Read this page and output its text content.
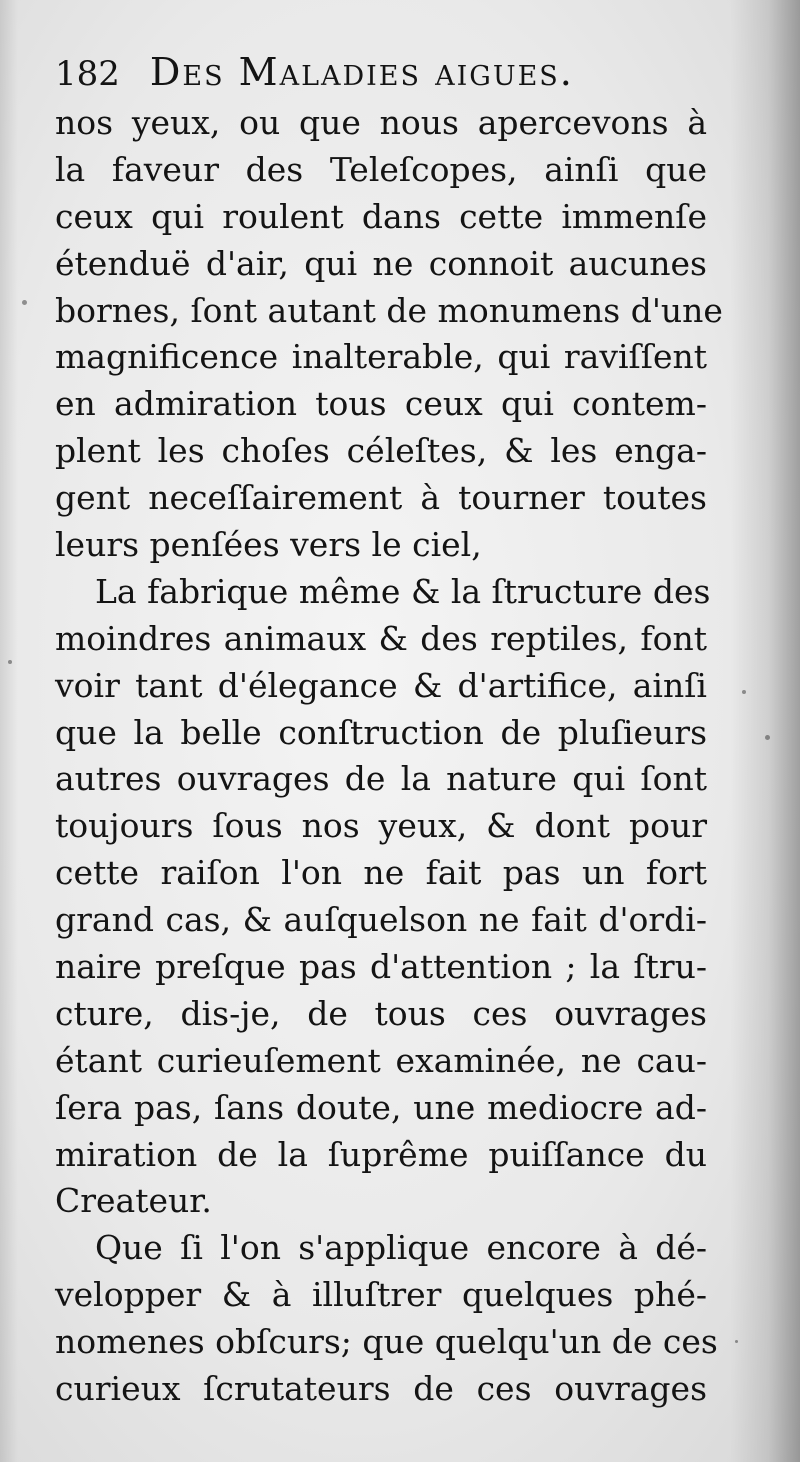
182 Des Maladies aigues.
nos yeux, ou que nous apercevons à
la faveur des Teleſcopes, ainſi que
ceux qui roulent dans cette immenſe
étenduë d'air, qui ne connoit aucunes
bornes, ſont autant de monumens d'une
magnificence inalterable, qui raviſſent
en admiration tous ceux qui contem-
plent les choſes céleſtes, & les enga-
gent neceſſairement à tourner toutes
leurs penſées vers le ciel,
La fabrique même & la ſtructure des
moindres animaux & des reptiles, font
voir tant d'élegance & d'artifice, ainſi
que la belle conſtruction de pluſieurs
autres ouvrages de la nature qui ſont
toujours ſous nos yeux, & dont pour
cette raiſon l'on ne fait pas un fort
grand cas, & auſquelson ne fait d'ordi-
naire preſque pas d'attention ; la ſtru-
cture, dis-je, de tous ces ouvrages
étant curieuſement examinée, ne cau-
ſera pas, ſans doute, une mediocre ad-
miration de la ſuprême puiſſance du
Createur.
Que ſi l'on s'applique encore à dé-
velopper & à illuſtrer quelques phé-
nomenes obſcurs; que quelqu'un de ces
curieux ſcrutateurs de ces ouvrages
